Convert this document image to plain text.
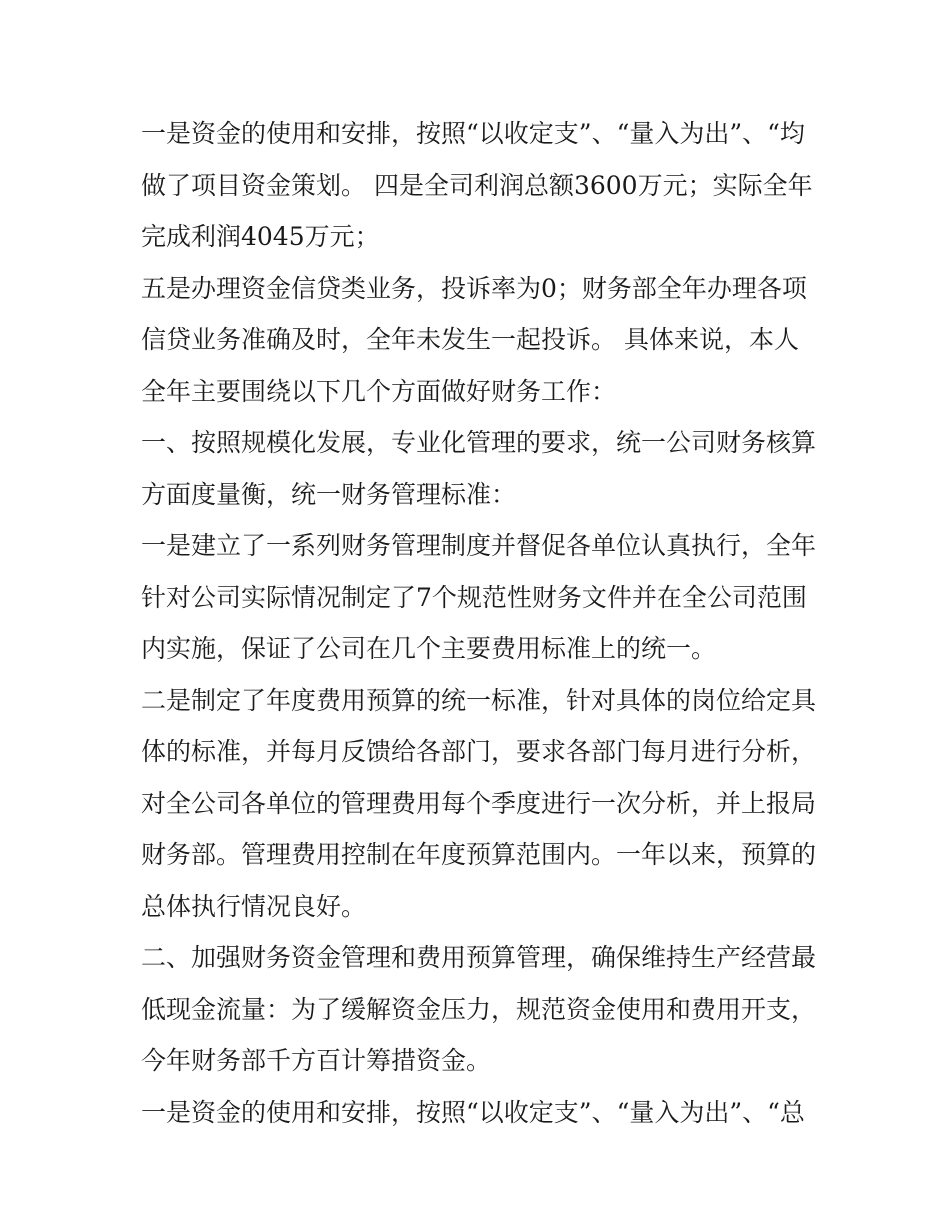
一是资金的使用和安排，按照“以收定支”、“量入为出”、“均
做了项目资金策划。 四是全司利润总额3600万元；实际全年
完成利润4045万元；
五是办理资金信贷类业务，投诉率为0；财务部全年办理各项
信贷业务准确及时，全年未发生一起投诉。 具体来说，本人
全年主要围绕以下几个方面做好财务工作：
一、按照规模化发展，专业化管理的要求，统一公司财务核算
方面度量衡，统一财务管理标准：
一是建立了一系列财务管理制度并督促各单位认真执行，全年
针对公司实际情况制定了7个规范性财务文件并在全公司范围
内实施，保证了公司在几个主要费用标准上的统一。
二是制定了年度费用预算的统一标准，针对具体的岗位给定具
体的标准，并每月反馈给各部门，要求各部门每月进行分析，
对全公司各单位的管理费用每个季度进行一次分析，并上报局
财务部。管理费用控制在年度预算范围内。一年以来，预算的
总体执行情况良好。
二、加强财务资金管理和费用预算管理，确保维持生产经营最
低现金流量：为了缓解资金压力，规范资金使用和费用开支，
今年财务部千方百计筹措资金。
一是资金的使用和安排，按照“以收定支”、“量入为出”、“总
